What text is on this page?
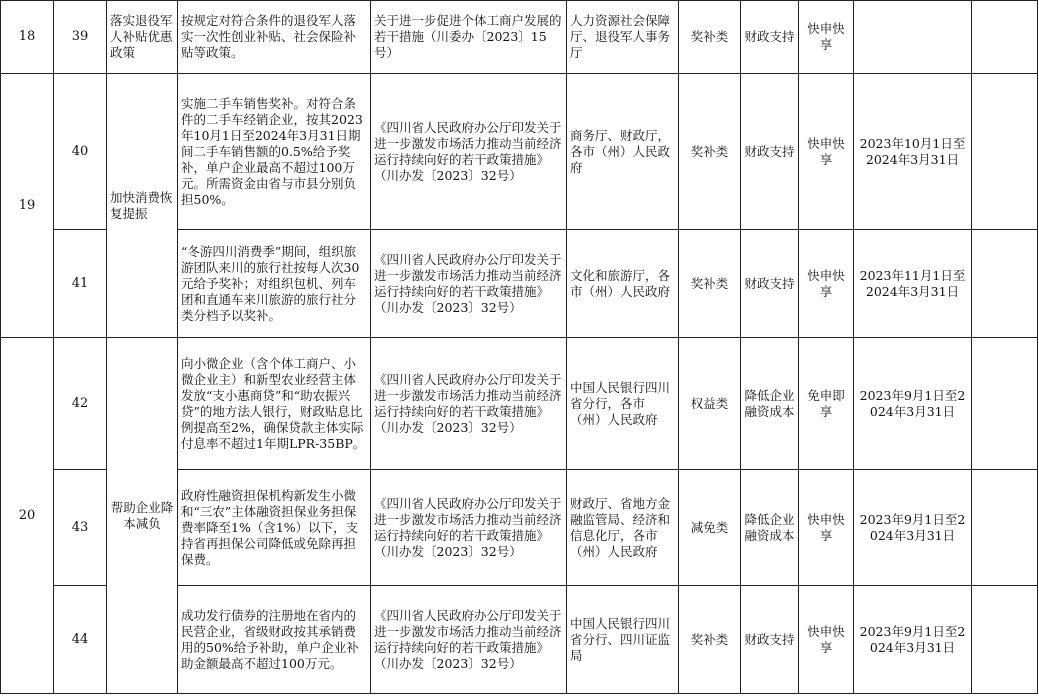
18	39	落实退役军人补贴优惠政策	按规定对符合条件的退役军人落实一次性创业补贴、社会保险补贴等政策。	关于进一步促进个体工商户发展的若干措施（川委办〔2023〕15号）	人力资源社会保障厅、退役军人事务厅	奖补类	财政支持	快申快享		
19	40	加快消费恢复提振	实施二手车销售奖补。对符合条件的二手车经销企业，按其2023年10月1日至2024年3月31日期间二手车销售额的0.5%给予奖补，单户企业最高不超过100万元。所需资金由省与市县分别负担50%。	《四川省人民政府办公厅印发关于进一步激发市场活力推动当前经济运行持续向好的若干政策措施》（川办发〔2023〕32号）	商务厅、财政厅，各市（州）人民政府	奖补类	财政支持	快申快享	2023年10月1日至2024年3月31日	
	41		“冬游四川消费季”期间，组织旅游团队来川的旅行社按每人次30元给予奖补；对组织包机、列车团和直通车来川旅游的旅行社分类分档予以奖补。	《四川省人民政府办公厅印发关于进一步激发市场活力推动当前经济运行持续向好的若干政策措施》（川办发〔2023〕32号）	文化和旅游厅，各市（州）人民政府	奖补类	财政支持	快申快享	2023年11月1日至2024年3月31日	
20	42	帮助企业降本减负	向小微企业（含个体工商户、小微企业主）和新型农业经营主体发放“支小惠商贷”和“助农振兴贷”的地方法人银行，财政贴息比例提高至2%，确保贷款主体实际付息率不超过1年期LPR-35BP。	《四川省人民政府办公厅印发关于进一步激发市场活力推动当前经济运行持续向好的若干政策措施》（川办发〔2023〕32号）	中国人民银行四川省分行，各市（州）人民政府	权益类	降低企业融资成本	免申即享	2023年9月1日至2024年3月31日	
	43		政府性融资担保机构新发生小微和“三农”主体融资担保业务担保费率降至1%（含1%）以下，支持省再担保公司降低或免除再担保费。	《四川省人民政府办公厅印发关于进一步激发市场活力推动当前经济运行持续向好的若干政策措施》（川办发〔2023〕32号）	财政厅、省地方金融监管局、经济和信息化厅，各市（州）人民政府	减免类	降低企业融资成本	快申快享	2023年9月1日至2024年3月31日	
	44		成功发行债券的注册地在省内的民营企业，省级财政按其承销费用的50%给予补助，单户企业补助金额最高不超过100万元。	《四川省人民政府办公厅印发关于进一步激发市场活力推动当前经济运行持续向好的若干政策措施》（川办发〔2023〕32号）	中国人民银行四川省分行、四川证监局	奖补类	财政支持	快申快享	2023年9月1日至2024年3月31日	
